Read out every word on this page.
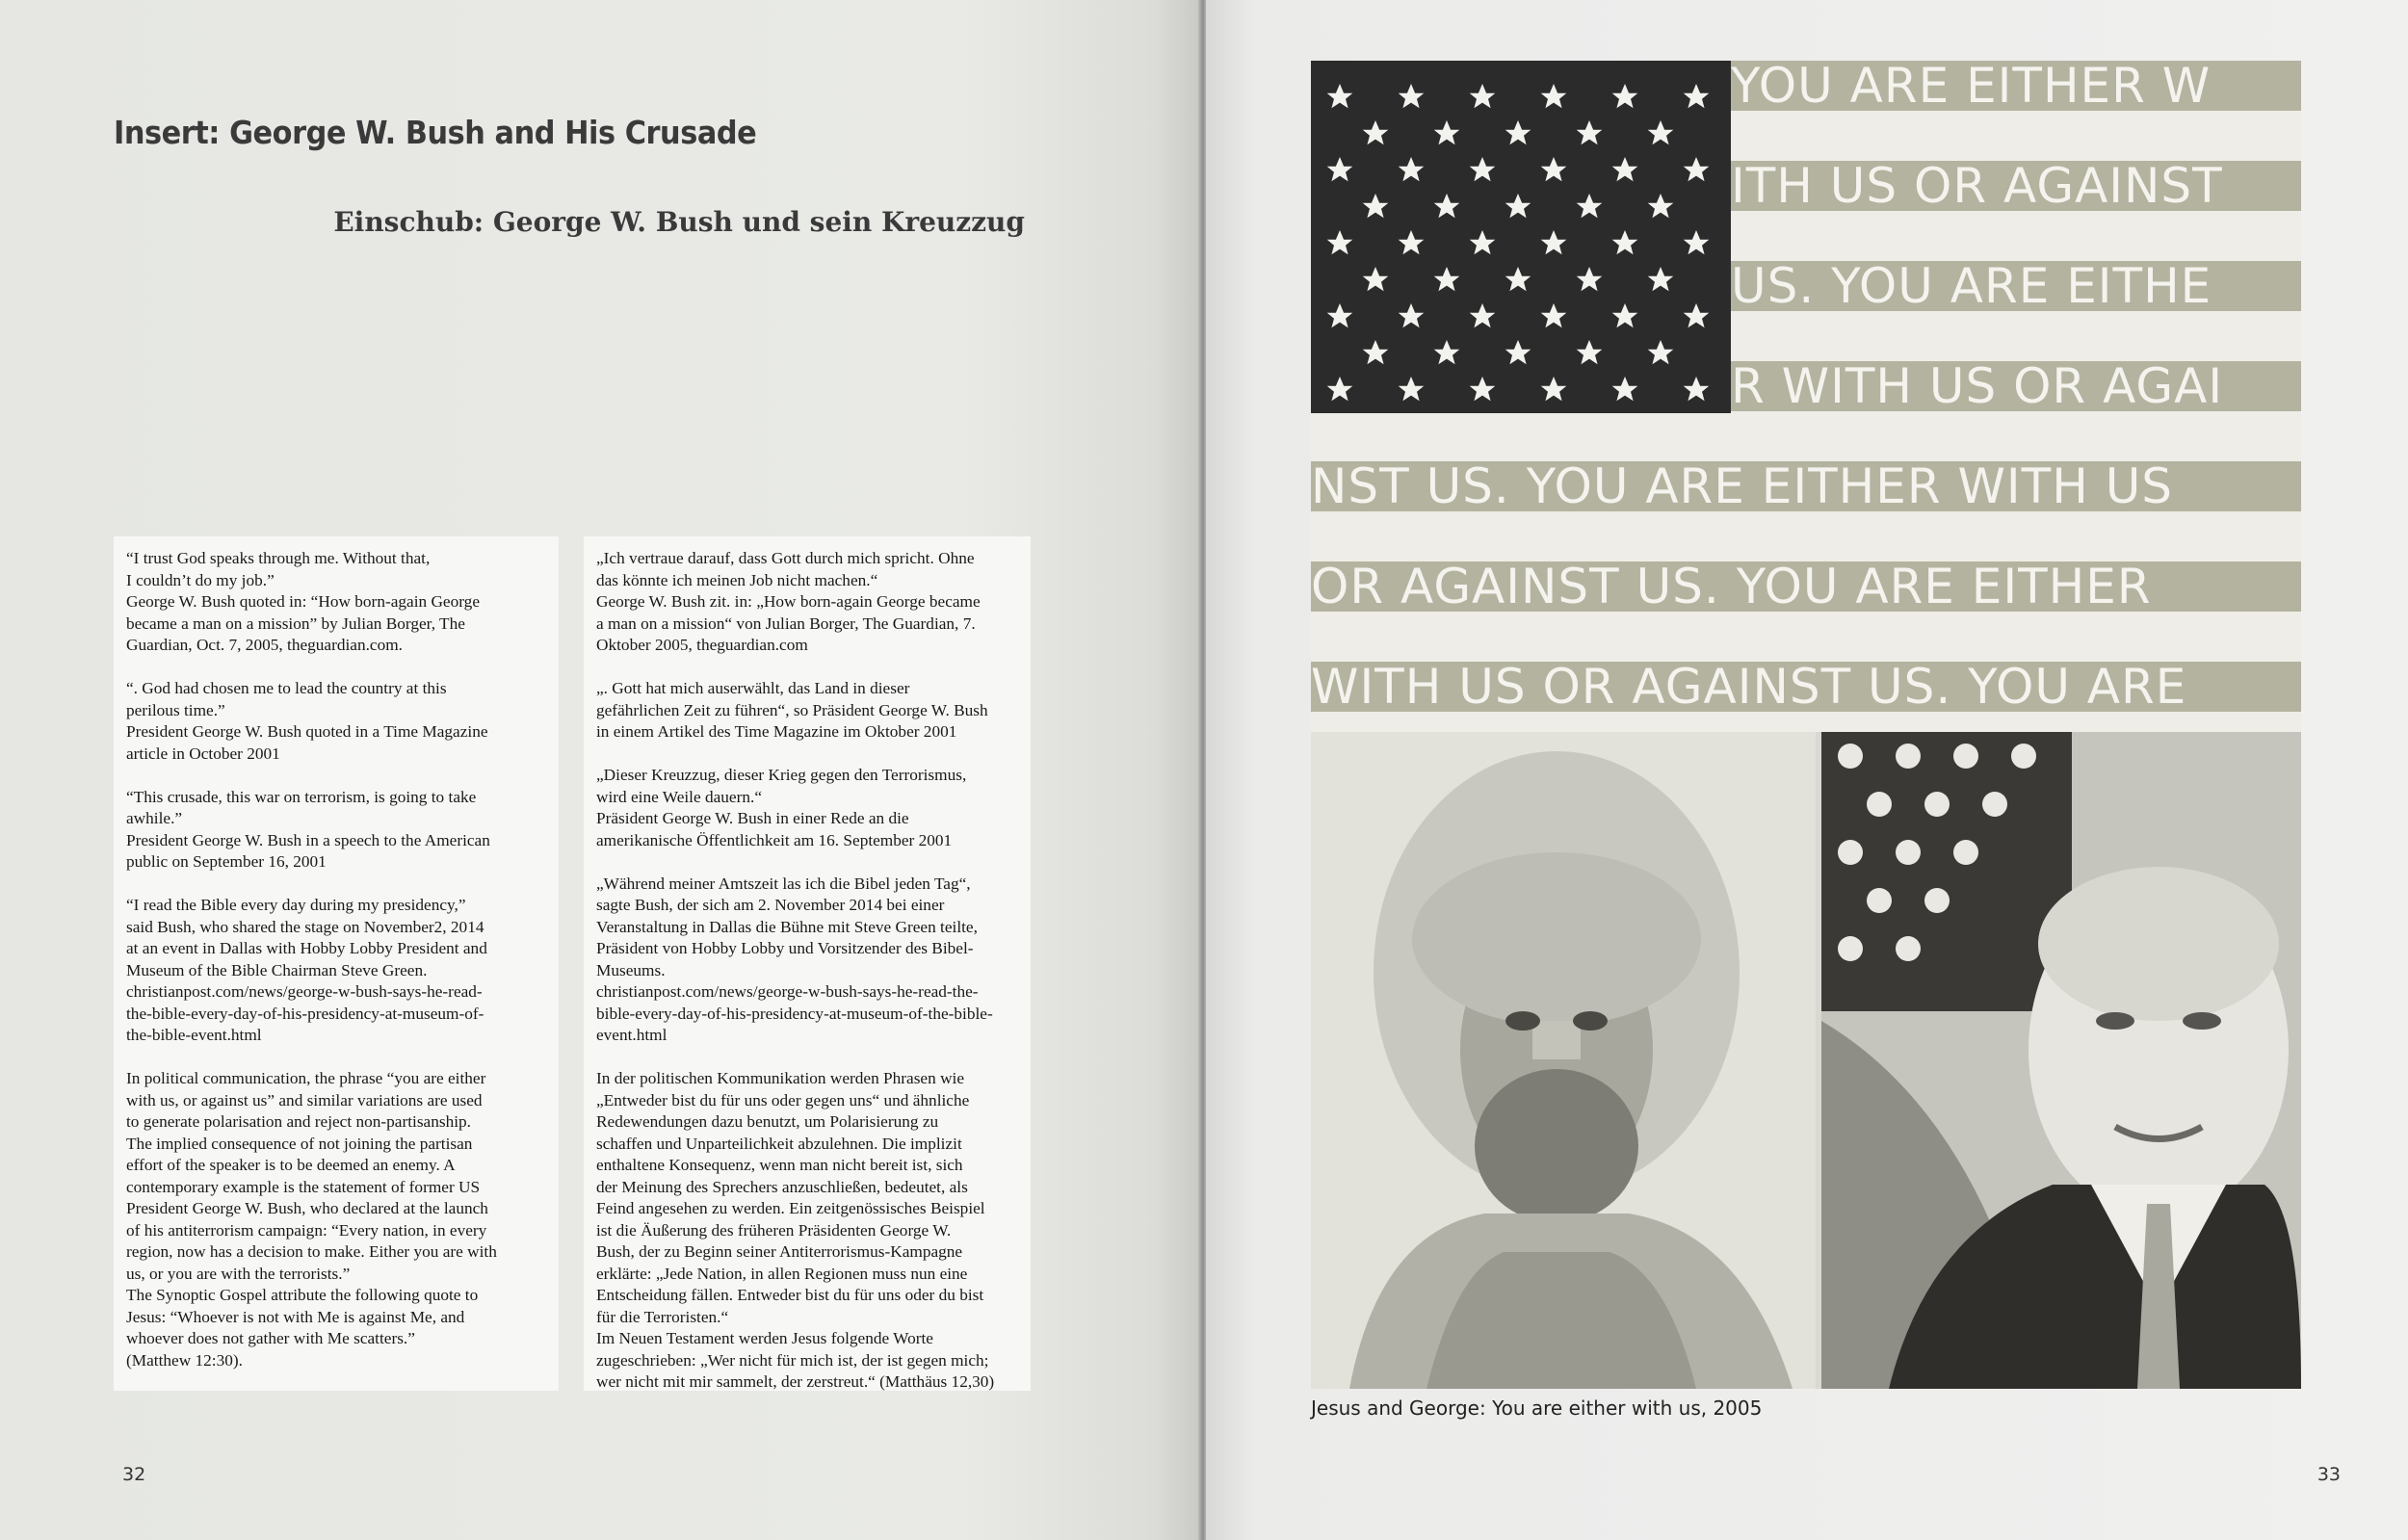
Insert: George W. Bush and His Crusade
Einschub: George W. Bush und sein Kreuzzug

“I trust God speaks through me. Without that,
I couldn’t do my job.”
George W. Bush quoted in: “How born-again George
became a man on a mission” by Julian Borger, The
Guardian, Oct. 7, 2005, theguardian.com.

“. God had chosen me to lead the country at this
perilous time.”
President George W. Bush quoted in a Time Magazine
article in October 2001

“This crusade, this war on terrorism, is going to take
awhile.”
President George W. Bush in a speech to the American
public on September 16, 2001

“I read the Bible every day during my presidency,”
said Bush, who shared the stage on November2, 2014
at an event in Dallas with Hobby Lobby President and
Museum of the Bible Chairman Steve Green.
christianpost.com/news/george-w-bush-says-he-read-
the-bible-every-day-of-his-presidency-at-museum-of-
the-bible-event.html

In political communication, the phrase “you are either
with us, or against us” and similar variations are used
to generate polarisation and reject non-partisanship.
The implied consequence of not joining the partisan
effort of the speaker is to be deemed an enemy. A
contemporary example is the statement of former US
President George W. Bush, who declared at the launch
of his antiterrorism campaign: “Every nation, in every
region, now has a decision to make. Either you are with
us, or you are with the terrorists.”
The Synoptic Gospel attribute the following quote to
Jesus: “Whoever is not with Me is against Me, and
whoever does not gather with Me scatters.”
(Matthew 12:30).

„Ich vertraue darauf, dass Gott durch mich spricht. Ohne
das könnte ich meinen Job nicht machen.“
George W. Bush zit. in: „How born-again George became
a man on a mission“ von Julian Borger, The Guardian, 7.
Oktober 2005, theguardian.com

„. Gott hat mich auserwählt, das Land in dieser
gefährlichen Zeit zu führen“, so Präsident George W. Bush
in einem Artikel des Time Magazine im Oktober 2001

„Dieser Kreuzzug, dieser Krieg gegen den Terrorismus,
wird eine Weile dauern.“
Präsident George W. Bush in einer Rede an die
amerikanische Öffentlichkeit am 16. September 2001

„Während meiner Amtszeit las ich die Bibel jeden Tag“,
sagte Bush, der sich am 2. November 2014 bei einer
Veranstaltung in Dallas die Bühne mit Steve Green teilte,
Präsident von Hobby Lobby und Vorsitzender des Bibel-
Museums.
christianpost.com/news/george-w-bush-says-he-read-the-
bible-every-day-of-his-presidency-at-museum-of-the-bible-
event.html

In der politischen Kommunikation werden Phrasen wie
„Entweder bist du für uns oder gegen uns“ und ähnliche
Redewendungen dazu benutzt, um Polarisierung zu
schaffen und Unparteilichkeit abzulehnen. Die implizit
enthaltene Konsequenz, wenn man nicht bereit ist, sich
der Meinung des Sprechers anzuschließen, bedeutet, als
Feind angesehen zu werden. Ein zeitgenössisches Beispiel
ist die Äußerung des früheren Präsidenten George W.
Bush, der zu Beginn seiner Antiterrorismus-Kampagne
erklärte: „Jede Nation, in allen Regionen muss nun eine
Entscheidung fällen. Entweder bist du für uns oder du bist
für die Terroristen.“
Im Neuen Testament werden Jesus folgende Worte
zugeschrieben: „Wer nicht für mich ist, der ist gegen mich;
wer nicht mit mir sammelt, der zerstreut.“ (Matthäus 12,30)

32	33
YOU ARE EITHER W
ITH US OR AGAINST
US. YOU ARE EITHE
R WITH US OR AGAI
NST US. YOU ARE EITHER WITH US
OR AGAINST US. YOU ARE EITHER
WITH US OR AGAINST US. YOU ARE
Jesus and George: You are either with us, 2005
